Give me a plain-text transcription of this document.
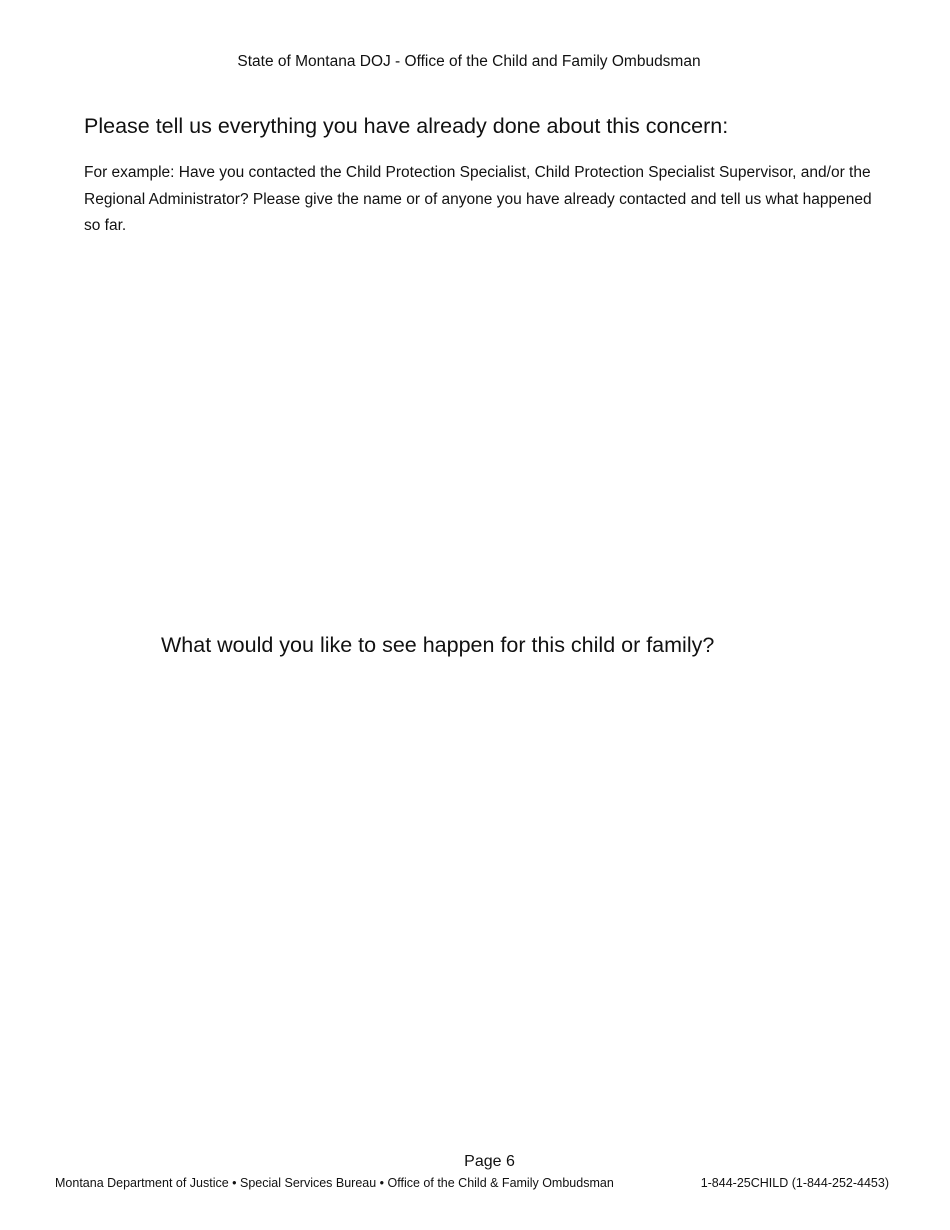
State of Montana DOJ - Office of the Child and Family Ombudsman
Please tell us everything you have already done about this concern:

For example: Have you contacted the Child Protection Specialist, Child Protection Specialist Supervisor, and/or the Regional Administrator? Please give the name or of anyone you have already contacted and tell us what happened so far.

What would you like to see happen for this child or family?
Page 6
Montana Department of Justice • Special Services Bureau • Office of the Child & Family Ombudsman	1-844-25CHILD (1-844-252-4453)
